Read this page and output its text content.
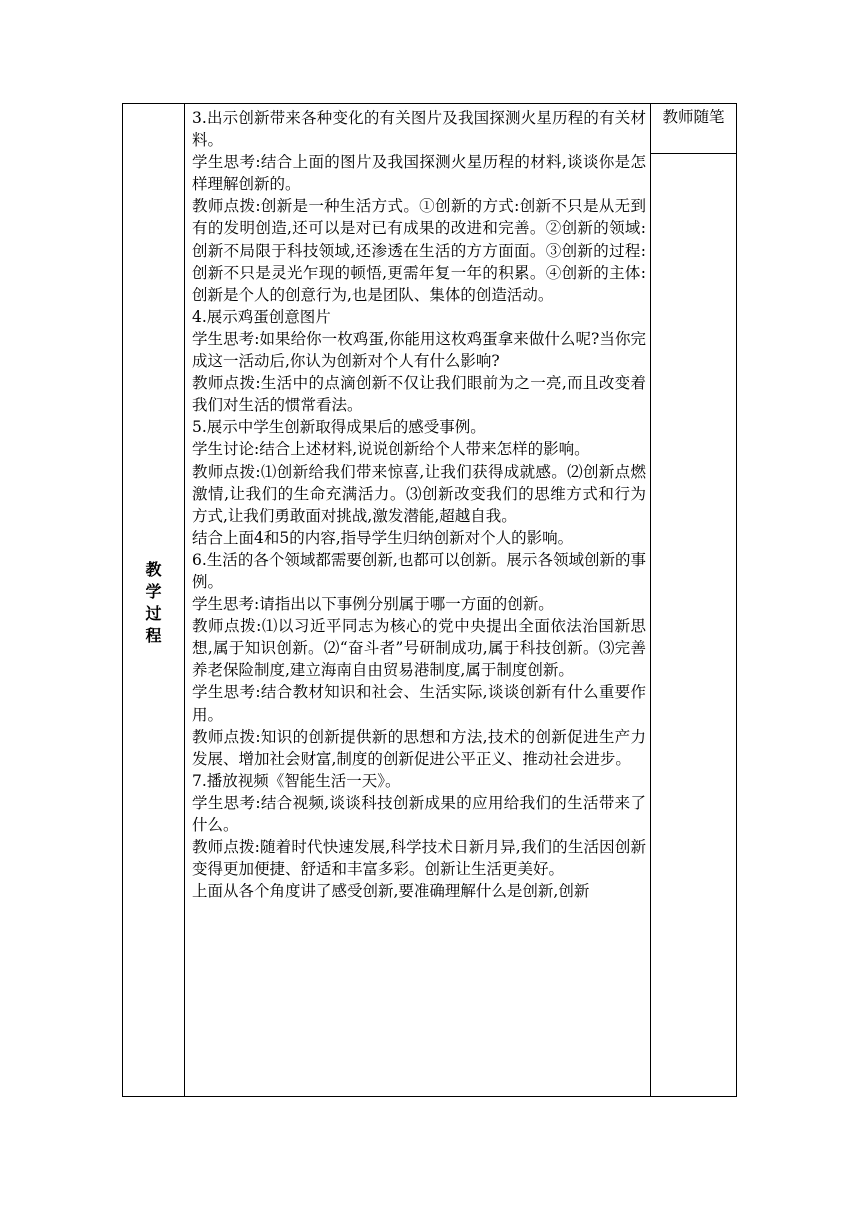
教
学
过
程

3.出示创新带来各种变化的有关图片及我国探测火星历程的有关材料。

学生思考:结合上面的图片及我国探测火星历程的材料,谈谈你是怎样理解创新的。

教师点拨:创新是一种生活方式。①创新的方式:创新不只是从无到有的发明创造,还可以是对已有成果的改进和完善。②创新的领域:创新不局限于科技领域,还渗透在生活的方方面面。③创新的过程:创新不只是灵光乍现的顿悟,更需年复一年的积累。④创新的主体:创新是个人的创意行为,也是团队、集体的创造活动。

4.展示鸡蛋创意图片

学生思考:如果给你一枚鸡蛋,你能用这枚鸡蛋拿来做什么呢?当你完成这一活动后,你认为创新对个人有什么影响?

教师点拨:生活中的点滴创新不仅让我们眼前为之一亮,而且改变着我们对生活的惯常看法。

5.展示中学生创新取得成果后的感受事例。

学生讨论:结合上述材料,说说创新给个人带来怎样的影响。

教师点拨:⑴创新给我们带来惊喜,让我们获得成就感。⑵创新点燃激情,让我们的生命充满活力。⑶创新改变我们的思维方式和行为方式,让我们勇敢面对挑战,激发潜能,超越自我。

结合上面4和5的内容,指导学生归纳创新对个人的影响。

6.生活的各个领域都需要创新,也都可以创新。展示各领域创新的事例。

学生思考:请指出以下事例分别属于哪一方面的创新。

教师点拨:⑴以习近平同志为核心的党中央提出全面依法治国新思想,属于知识创新。⑵“奋斗者”号研制成功,属于科技创新。⑶完善养老保险制度,建立海南自由贸易港制度,属于制度创新。

学生思考:结合教材知识和社会、生活实际,谈谈创新有什么重要作用。

教师点拨:知识的创新提供新的思想和方法,技术的创新促进生产力发展、增加社会财富,制度的创新促进公平正义、推动社会进步。

7.播放视频《智能生活一天》。

学生思考:结合视频,谈谈科技创新成果的应用给我们的生活带来了什么。

教师点拨:随着时代快速发展,科学技术日新月异,我们的生活因创新变得更加便捷、舒适和丰富多彩。创新让生活更美好。

上面从各个角度讲了感受创新,要准确理解什么是创新,创新

教师随笔
